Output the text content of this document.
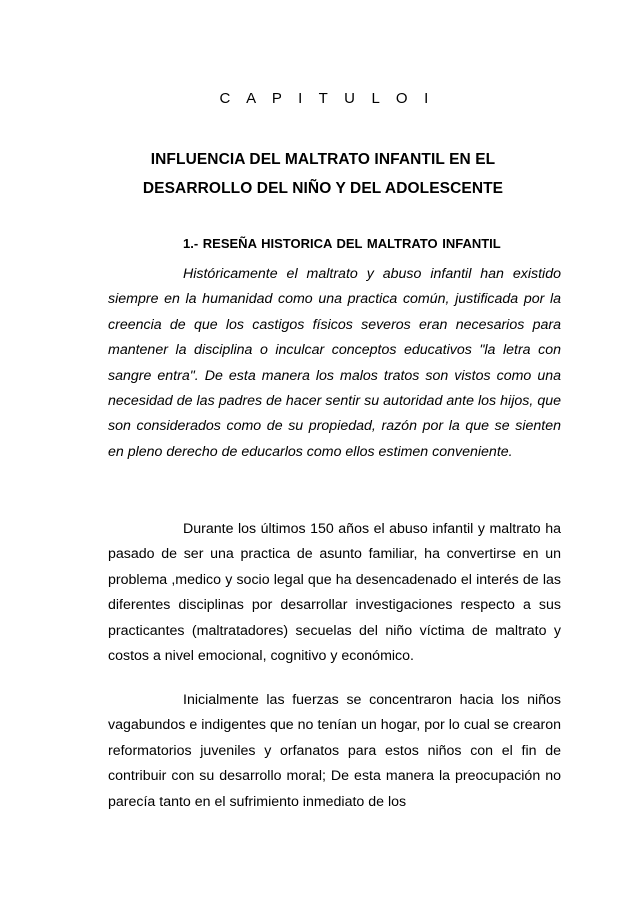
C A P I T U L O I
INFLUENCIA DEL MALTRATO INFANTIL EN EL
DESARROLLO DEL NIÑO Y DEL ADOLESCENTE
1.- RESEÑA HISTORICA DEL MALTRATO INFANTIL

Históricamente el maltrato y abuso infantil han existido siempre en la humanidad como una practica común, justificada por la creencia de que los castigos físicos severos eran necesarios para mantener la disciplina o inculcar conceptos educativos "la letra con sangre entra". De esta manera los malos tratos son vistos como una necesidad de las padres de hacer sentir su autoridad ante los hijos, que son considerados como de su propiedad, razón por la que se sienten en pleno derecho de educarlos como ellos estimen conveniente.

Durante los últimos 150 años el abuso infantil y maltrato ha pasado de ser una practica de asunto familiar, ha convertirse en un problema ,medico y socio legal que ha desencadenado el interés de las diferentes disciplinas por desarrollar investigaciones respecto a sus practicantes (maltratadores) secuelas del niño víctima de maltrato y costos a nivel emocional, cognitivo y económico.

Inicialmente las fuerzas se concentraron hacia los niños vagabundos e indigentes que no tenían un hogar, por lo cual se crearon reformatorios juveniles y orfanatos para estos niños con el fin de contribuir con su desarrollo moral; De esta manera la preocupación no parecía tanto en el sufrimiento inmediato de los
